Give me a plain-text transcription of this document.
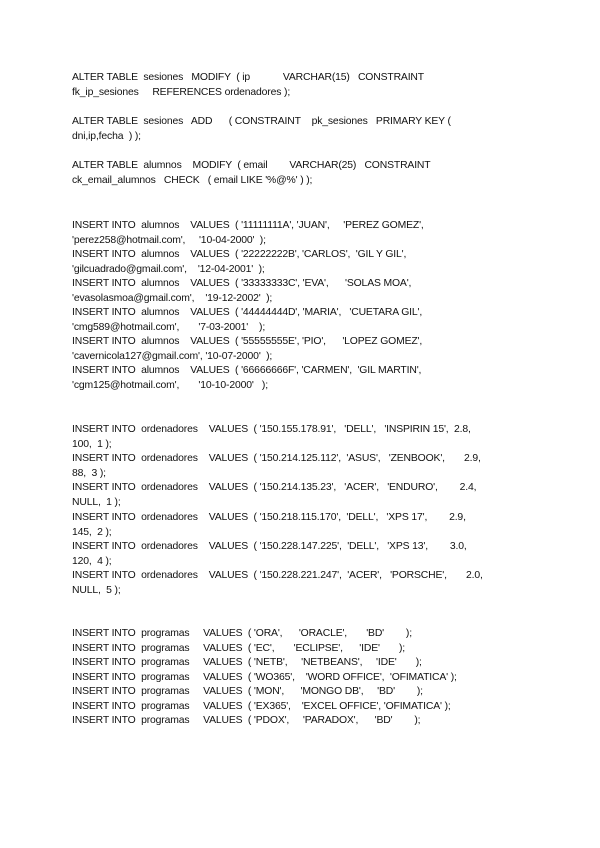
ALTER TABLE  sesiones   MODIFY  ( ip            VARCHAR(15)   CONSTRAINT
fk_ip_sesiones     REFERENCES ordenadores );
ALTER TABLE  sesiones   ADD      ( CONSTRAINT    pk_sesiones   PRIMARY KEY (
dni,ip,fecha  ) );
ALTER TABLE  alumnos    MODIFY  ( email        VARCHAR(25)   CONSTRAINT
ck_email_alumnos   CHECK   ( email LIKE '%@%' ) );
INSERT INTO  alumnos    VALUES  ( '11111111A', 'JUAN',     'PEREZ GOMEZ',
'perez258@hotmail.com',     '10-04-2000'  );
INSERT INTO  alumnos    VALUES  ( '22222222B', 'CARLOS',  'GIL Y GIL',
'gilcuadrado@gmail.com',    '12-04-2001'  );
INSERT INTO  alumnos    VALUES  ( '33333333C', 'EVA',      'SOLAS MOA',
'evasolasmoa@gmail.com',    '19-12-2002'  );
INSERT INTO  alumnos    VALUES  ( '44444444D', 'MARIA',   'CUETARA GIL',
'cmg589@hotmail.com',       '7-03-2001'    );
INSERT INTO  alumnos    VALUES  ( '55555555E', 'PIO',      'LOPEZ GOMEZ',
'cavernicola127@gmail.com', '10-07-2000'  );
INSERT INTO  alumnos    VALUES  ( '66666666F', 'CARMEN',  'GIL MARTIN',
'cgm125@hotmail.com',       '10-10-2000'   );
INSERT INTO  ordenadores    VALUES  ( '150.155.178.91',   'DELL',   'INSPIRIN 15',  2.8,
100,  1 );
INSERT INTO  ordenadores    VALUES  ( '150.214.125.112',  'ASUS',   'ZENBOOK',       2.9,
88,  3 );
INSERT INTO  ordenadores    VALUES  ( '150.214.135.23',   'ACER',   'ENDURO',        2.4,
NULL,  1 );
INSERT INTO  ordenadores    VALUES  ( '150.218.115.170',  'DELL',   'XPS 17',        2.9,
145,  2 );
INSERT INTO  ordenadores    VALUES  ( '150.228.147.225',  'DELL',   'XPS 13',        3.0,
120,  4 );
INSERT INTO  ordenadores    VALUES  ( '150.228.221.247',  'ACER',   'PORSCHE',       2.0,
NULL,  5 );
INSERT INTO  programas     VALUES  ( 'ORA',      'ORACLE',       'BD'        );
INSERT INTO  programas     VALUES  ( 'EC',       'ECLIPSE',      'IDE'       );
INSERT INTO  programas     VALUES  ( 'NETB',     'NETBEANS',     'IDE'       );
INSERT INTO  programas     VALUES  ( 'WO365',    'WORD OFFICE',  'OFIMATICA' );
INSERT INTO  programas     VALUES  ( 'MON',      'MONGO DB',     'BD'        );
INSERT INTO  programas     VALUES  ( 'EX365',    'EXCEL OFFICE', 'OFIMATICA' );
INSERT INTO  programas     VALUES  ( 'PDOX',     'PARADOX',      'BD'        );
